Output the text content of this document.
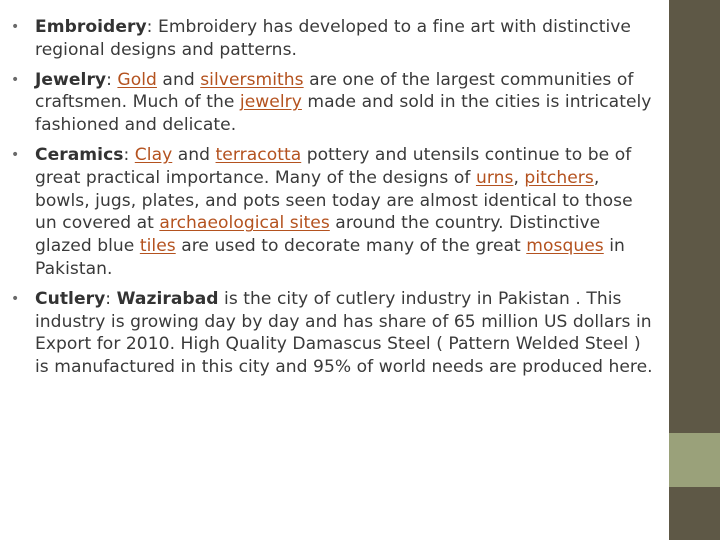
• Embroidery: Embroidery has developed to a fine art with distinctive regional designs and patterns.
• Jewelry: Gold and silversmiths are one of the largest communities of craftsmen. Much of the jewelry made and sold in the cities is intricately fashioned and delicate.
• Ceramics: Clay and terracotta pottery and utensils continue to be of great practical importance. Many of the designs of urns, pitchers, bowls, jugs, plates, and pots seen today are almost identical to those un covered at archaeological sites around the country. Distinctive glazed blue tiles are used to decorate many of the great mosques in Pakistan.
• Cutlery: Wazirabad is the city of cutlery industry in Pakistan . This industry is growing day by day and has share of 65 million US dollars in Export for 2010. High Quality Damascus Steel ( Pattern Welded Steel ) is manufactured in this city and 95% of world needs are produced here.
